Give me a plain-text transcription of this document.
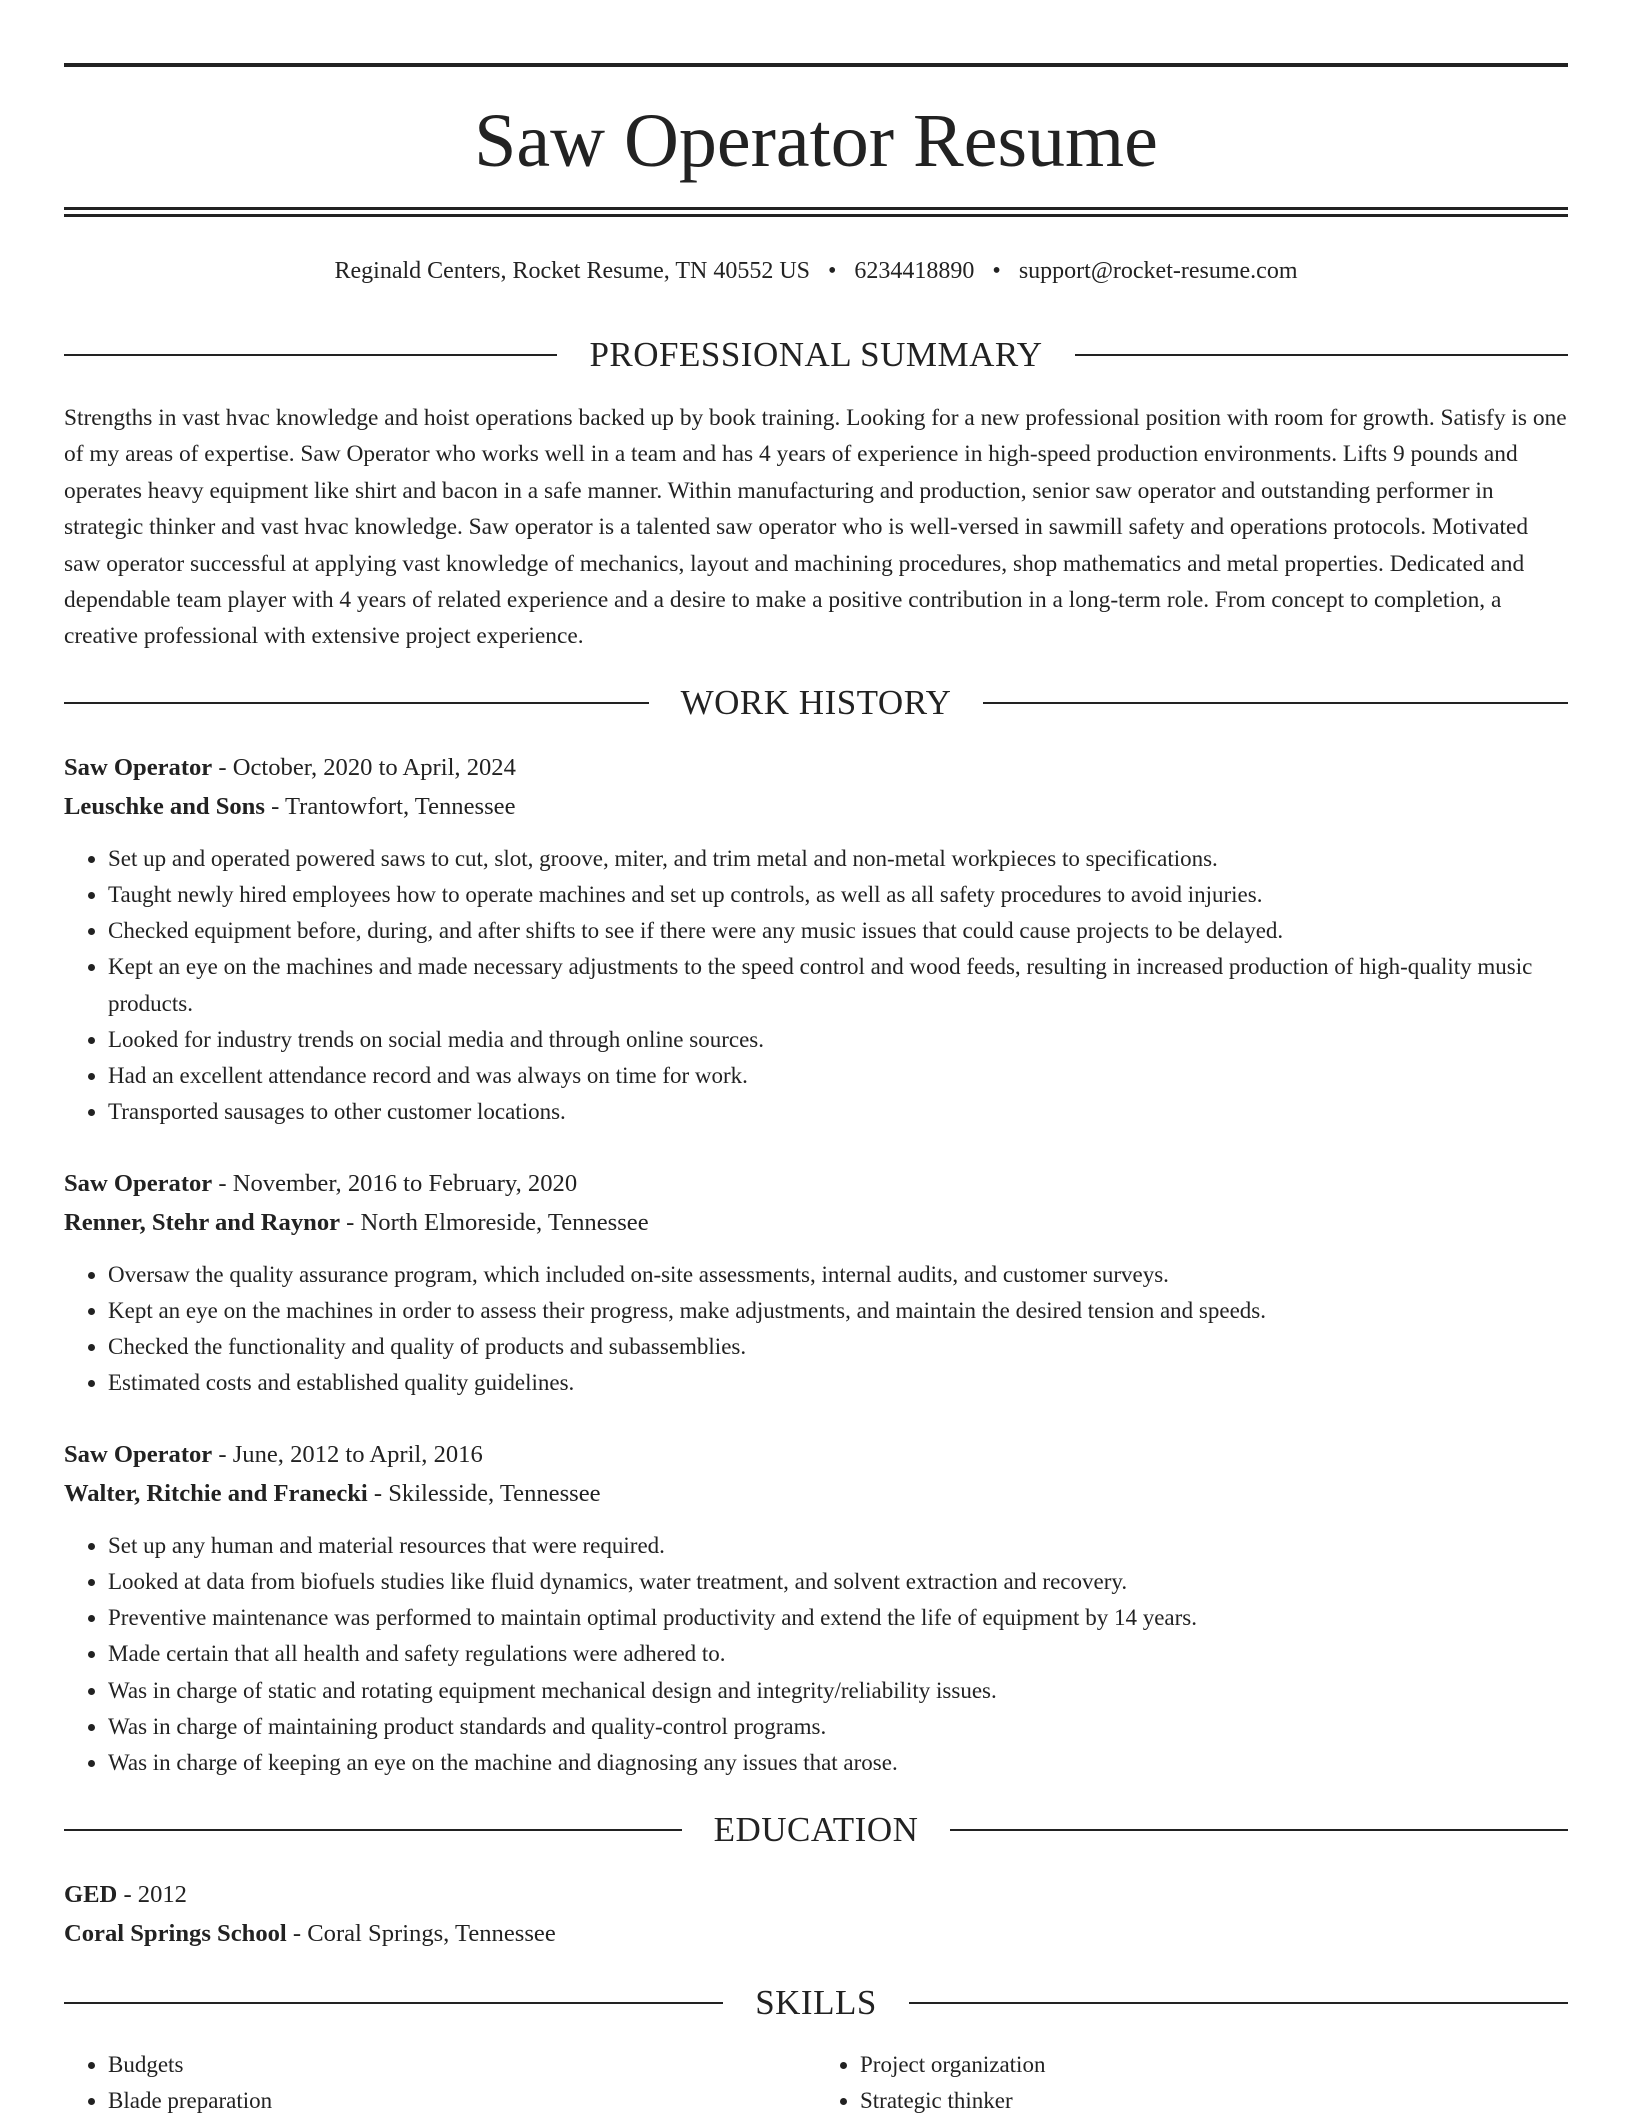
Saw Operator Resume
Reginald Centers, Rocket Resume, TN 40552 US • 6234418890 • support@rocket-resume.com
PROFESSIONAL SUMMARY

Strengths in vast hvac knowledge and hoist operations backed up by book training. Looking for a new professional position with room for growth. Satisfy is one of my areas of expertise. Saw Operator who works well in a team and has 4 years of experience in high-speed production environments. Lifts 9 pounds and operates heavy equipment like shirt and bacon in a safe manner. Within manufacturing and production, senior saw operator and outstanding performer in strategic thinker and vast hvac knowledge. Saw operator is a talented saw operator who is well-versed in sawmill safety and operations protocols. Motivated saw operator successful at applying vast knowledge of mechanics, layout and machining procedures, shop mathematics and metal properties. Dedicated and dependable team player with 4 years of related experience and a desire to make a positive contribution in a long-term role. From concept to completion, a creative professional with extensive project experience.

WORK HISTORY
Saw Operator - October, 2020 to April, 2024
Leuschke and Sons - Trantowfort, Tennessee
• Set up and operated powered saws to cut, slot, groove, miter, and trim metal and non-metal workpieces to specifications.
• Taught newly hired employees how to operate machines and set up controls, as well as all safety procedures to avoid injuries.
• Checked equipment before, during, and after shifts to see if there were any music issues that could cause projects to be delayed.
• Kept an eye on the machines and made necessary adjustments to the speed control and wood feeds, resulting in increased production of high-quality music products.
• Looked for industry trends on social media and through online sources.
• Had an excellent attendance record and was always on time for work.
• Transported sausages to other customer locations.
Saw Operator - November, 2016 to February, 2020
Renner, Stehr and Raynor - North Elmoreside, Tennessee
• Oversaw the quality assurance program, which included on-site assessments, internal audits, and customer surveys.
• Kept an eye on the machines in order to assess their progress, make adjustments, and maintain the desired tension and speeds.
• Checked the functionality and quality of products and subassemblies.
• Estimated costs and established quality guidelines.
Saw Operator - June, 2012 to April, 2016
Walter, Ritchie and Franecki - Skilesside, Tennessee
• Set up any human and material resources that were required.
• Looked at data from biofuels studies like fluid dynamics, water treatment, and solvent extraction and recovery.
• Preventive maintenance was performed to maintain optimal productivity and extend the life of equipment by 14 years.
• Made certain that all health and safety regulations were adhered to.
• Was in charge of static and rotating equipment mechanical design and integrity/reliability issues.
• Was in charge of maintaining product standards and quality-control programs.
• Was in charge of keeping an eye on the machine and diagnosing any issues that arose.
EDUCATION
GED - 2012
Coral Springs School - Coral Springs, Tennessee
SKILLS
• Budgets
• Blade preparation
• Project organization
• Strategic thinker
